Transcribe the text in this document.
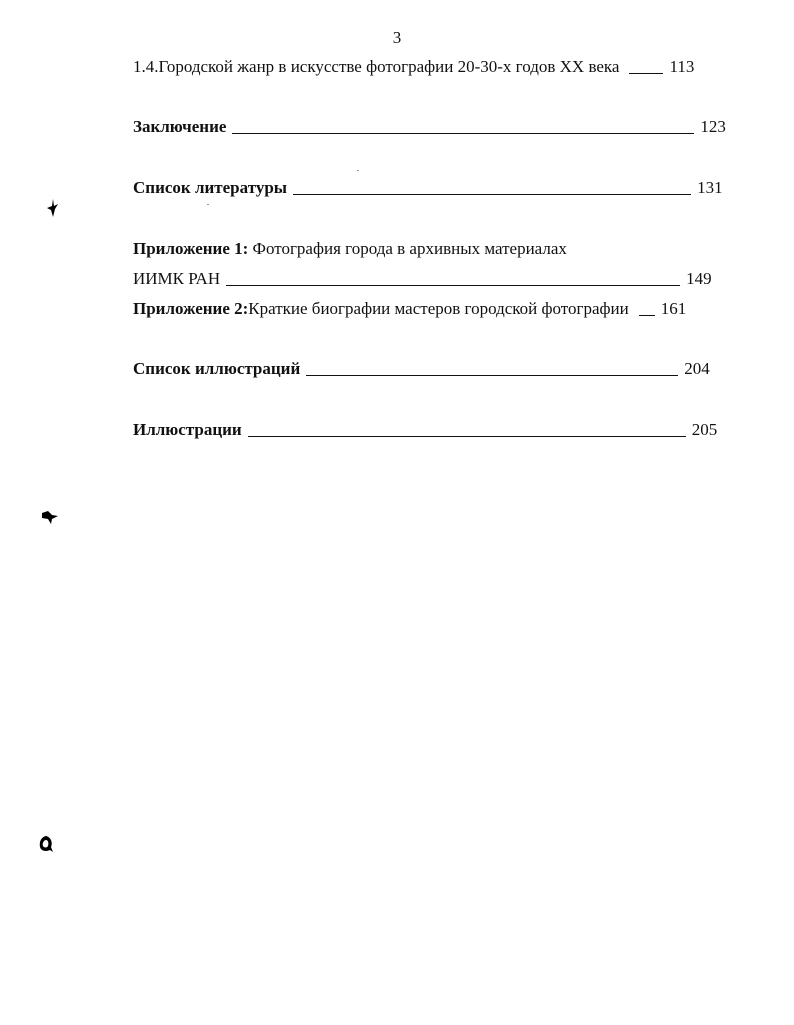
3
1.4.Городской жанр в искусстве фотографии 20-30-х годов XX века	113
Заключение	123
Список литературы	131
Приложение 1: Фотография города в архивных материалах
ИИМК РАН	149
Приложение 2: Краткие биографии мастеров городской фотографии 161
Список иллюстраций	204
Иллюстрации	205
